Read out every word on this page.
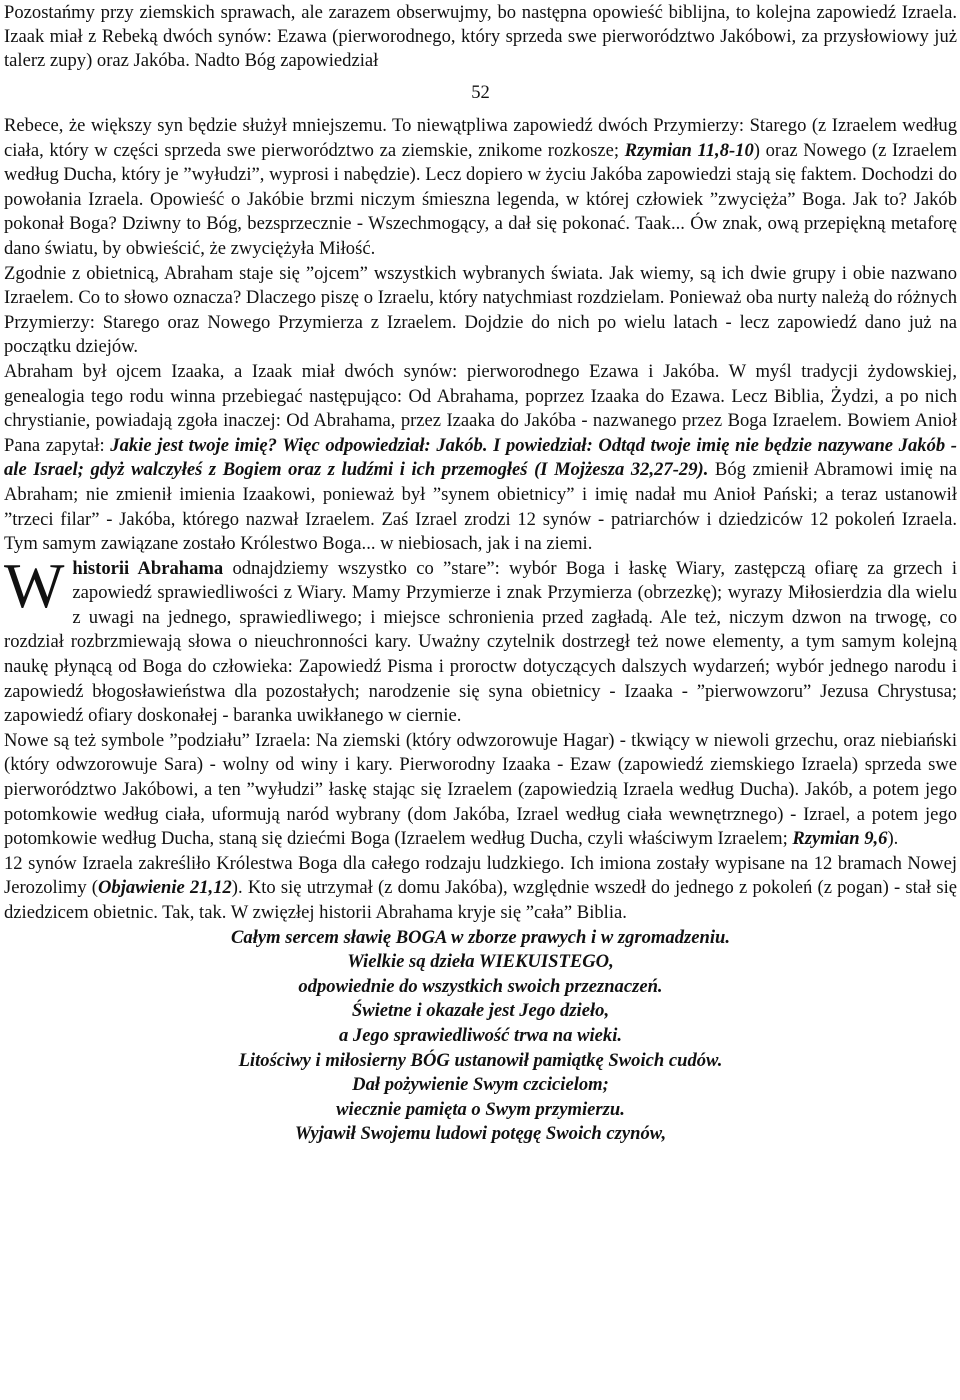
Pozostańmy przy ziemskich sprawach, ale zarazem obserwujmy, bo następna opowieść biblijna, to kolejna zapowiedź Izraela. Izaak miał z Rebeką dwóch synów: Ezawa (pierworodnego, który sprzeda swe pierworództwo Jakóbowi, za przysłowiowy już talerz zupy) oraz Jakóba. Nadto Bóg zapowiedział

52

Rebece, że większy syn będzie służył mniejszemu. To niewątpliwa zapowiedź dwóch Przymierzy: Starego (z Izraelem według ciała, który w części sprzeda swe pierworództwo za ziemskie, znikome rozkosze; Rzymian 11,8-10) oraz Nowego (z Izraelem według Ducha, który je ”wyłudzi”, wyprosi i nabędzie). Lecz dopiero w życiu Jakóba zapowiedzi stają się faktem. Dochodzi do powołania Izraela. Opowieść o Jakóbie brzmi niczym śmieszna legenda, w której człowiek ”zwycięża” Boga. Jak to? Jakób pokonał Boga? Dziwny to Bóg, bezsprzecznie - Wszechmogący, a dał się pokonać. Taak... Ów znak, ową przepiękną metaforę dano światu, by obwieścić, że zwyciężyła Miłość.

Zgodnie z obietnicą, Abraham staje się ”ojcem” wszystkich wybranych świata. Jak wiemy, są ich dwie grupy i obie nazwano Izraelem. Co to słowo oznacza? Dlaczego piszę o Izraelu, który natychmiast rozdzielam. Ponieważ oba nurty należą do różnych Przymierzy: Starego oraz Nowego Przymierza z Izraelem. Dojdzie do nich po wielu latach - lecz zapowiedź dano już na początku dziejów.

Abraham był ojcem Izaaka, a Izaak miał dwóch synów: pierworodnego Ezawa i Jakóba. W myśl tradycji żydowskiej, genealogia tego rodu winna przebiegać następująco: Od Abrahama, poprzez Izaaka do Ezawa. Lecz Biblia, Żydzi, a po nich chrystianie, powiadają zgoła inaczej: Od Abrahama, przez Izaaka do Jakóba - nazwanego przez Boga Izraelem. Bowiem Anioł Pana zapytał: Jakie jest twoje imię? Więc odpowiedział: Jakób. I powiedział: Odtąd twoje imię nie będzie nazywane Jakób - ale Israel; gdyż walczyłeś z Bogiem oraz z ludźmi i ich przemogłeś (I Mojżesza 32,27-29). Bóg zmienił Abramowi imię na Abraham; nie zmienił imienia Izaakowi, ponieważ był ”synem obietnicy” i imię nadał mu Anioł Pański; a teraz ustanowił ”trzeci filar” - Jakóba, którego nazwał Izraelem. Zaś Izrael zrodzi 12 synów - patriarchów i dziedziców 12 pokoleń Izraela. Tym samym zawiązane zostało Królestwo Boga... w niebiosach, jak i na ziemi.

Whistorii Abrahama odnajdziemy wszystko co ”stare”: wybór Boga i łaskę Wiary, zastępczą ofiarę za grzech i zapowiedź sprawiedliwości z Wiary. Mamy Przymierze i znak Przymierza (obrzezkę); wyrazy Miłosierdzia dla wielu z uwagi na jednego, sprawiedliwego; i miejsce schronienia przed zagładą. Ale też, niczym dzwon na trwogę, co rozdział rozbrzmiewają słowa o nieuchronności kary. Uważny czytelnik dostrzegł też nowe elementy, a tym samym kolejną naukę płynącą od Boga do człowieka: Zapowiedź Pisma i proroctw dotyczących dalszych wydarzeń; wybór jednego narodu i zapowiedź błogosławieństwa dla pozostałych; narodzenie się syna obietnicy - Izaaka - ”pierwowzoru” Jezusa Chrystusa; zapowiedź ofiary doskonałej - baranka uwikłanego w ciernie.

Nowe są też symbole ”podziału” Izraela: Na ziemski (który odwzorowuje Hagar) - tkwiący w niewoli grzechu, oraz niebiański (który odwzorowuje Sara) - wolny od winy i kary. Pierworodny Izaaka - Ezaw (zapowiedź ziemskiego Izraela) sprzeda swe pierworództwo Jakóbowi, a ten ”wyłudzi” łaskę stając się Izraelem (zapowiedzią Izraela według Ducha). Jakób, a potem jego potomkowie według ciała, uformują naród wybrany (dom Jakóba, Izrael według ciała wewnętrznego) - Izrael, a potem jego potomkowie według Ducha, staną się dziećmi Boga (Izraelem według Ducha, czyli właściwym Izraelem; Rzymian 9,6).

12 synów Izraela zakreśliło Królestwa Boga dla całego rodzaju ludzkiego. Ich imiona zostały wypisane na 12 bramach Nowej Jerozolimy (Objawienie 21,12). Kto się utrzymał (z domu Jakóba), względnie wszedł do jednego z pokoleń (z pogan) - stał się dziedzicem obietnic. Tak, tak. W zwięzłej historii Abrahama kryje się ”cała” Biblia.

Całym sercem sławię BOGA w zborze prawych i w zgromadzeniu.
Wielkie są dzieła WIEKUISTEGO,
odpowiednie do wszystkich swoich przeznaczeń.
Świetne i okazałe jest Jego dzieło,
a Jego sprawiedliwość trwa na wieki.
Litościwy i miłosierny BÓG ustanowił pamiątkę Swoich cudów.
Dał pożywienie Swym czcicielom;
wiecznie pamięta o Swym przymierzu.
Wyjawił Swojemu ludowi potęgę Swoich czynów,
